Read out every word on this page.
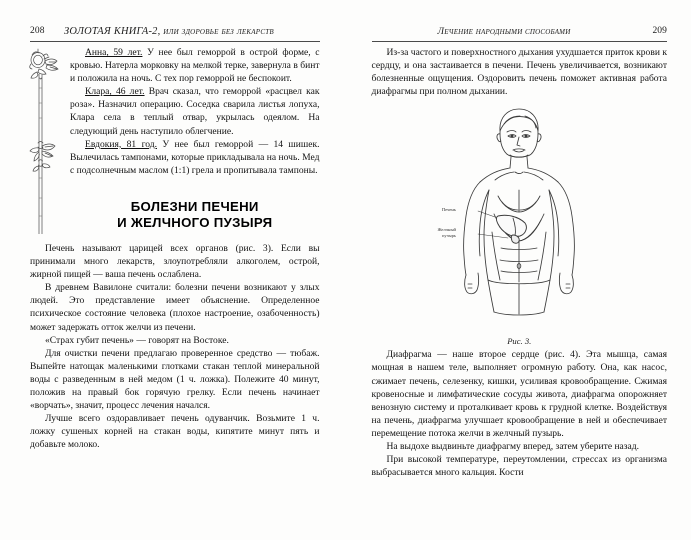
208	ЗОЛОТАЯ КНИГА-2, или здоровье без лекарств

Анна, 59 лет. У нее был геморрой в острой форме, с кровью. Натерла морковку на мелкой терке, завернула в бинт и положила на ночь. С тех пор геморрой не беспокоит.

Клара, 46 лет. Врач сказал, что геморрой «расцвел как роза». Назначил операцию. Соседка сварила листья лопуха, Клара села в теплый отвар, укрылась одеялом. На следующий день наступило облегчение.

Евдокия, 81 год. У нее был геморрой — 14 шишек. Вылечилась тампонами, которые прикладывала на ночь. Мед с подсолнечным маслом (1:1) грела и пропитывала тампоны.

БОЛЕЗНИ ПЕЧЕНИ
И ЖЕЛЧНОГО ПУЗЫРЯ

Печень называют царицей всех органов (рис. 3). Если вы принимали много лекарств, злоупотребляли алкоголем, острой, жирной пищей — ваша печень ослаблена.

В древнем Вавилоне считали: болезни печени возникают у злых людей. Это представление имеет объяснение. Определенное психическое состояние человека (плохое настроение, озабоченность) может задержать отток желчи из печени.

«Страх губит печень» — говорят на Востоке.

Для очистки печени предлагаю проверенное средство — тюбаж. Выпейте натощак маленькими глотками стакан теплой минеральной воды с разведенным в ней медом (1 ч. ложка). Полежите 40 минут, положив на правый бок горячую грелку. Если печень начинает «ворчать», значит, процесс лечения начался.

Лучше всего оздоравливает печень одуванчик. Возьмите 1 ч. ложку сушеных корней на стакан воды, кипятите минут пять и добавьте молоко.

Лечение народными способами	209

Из-за частого и поверхностного дыхания ухудшается приток крови к сердцу, и она застаивается в печени. Печень увеличивается, возникают болезненные ощущения. Оздоровить печень поможет активная работа диафрагмы при полном дыхании.

Печень
Желчный
пузырь
Рис. 3.

Диафрагма — наше второе сердце (рис. 4). Эта мышца, самая мощная в нашем теле, выполняет огромную работу. Она, как насос, сжимает печень, селезенку, кишки, усиливая кровообращение. Сжимая кровеносные и лимфатические сосуды живота, диафрагма опорожняет венозную систему и проталкивает кровь к грудной клетке. Воздействуя на печень, диафрагма улучшает кровообращение в ней и обеспечивает перемещение потока желчи в желчный пузырь.

На выдохе выдвиньте диафрагму вперед, затем уберите назад.

При высокой температуре, переутомлении, стрессах из организма выбрасывается много кальция. Кости
